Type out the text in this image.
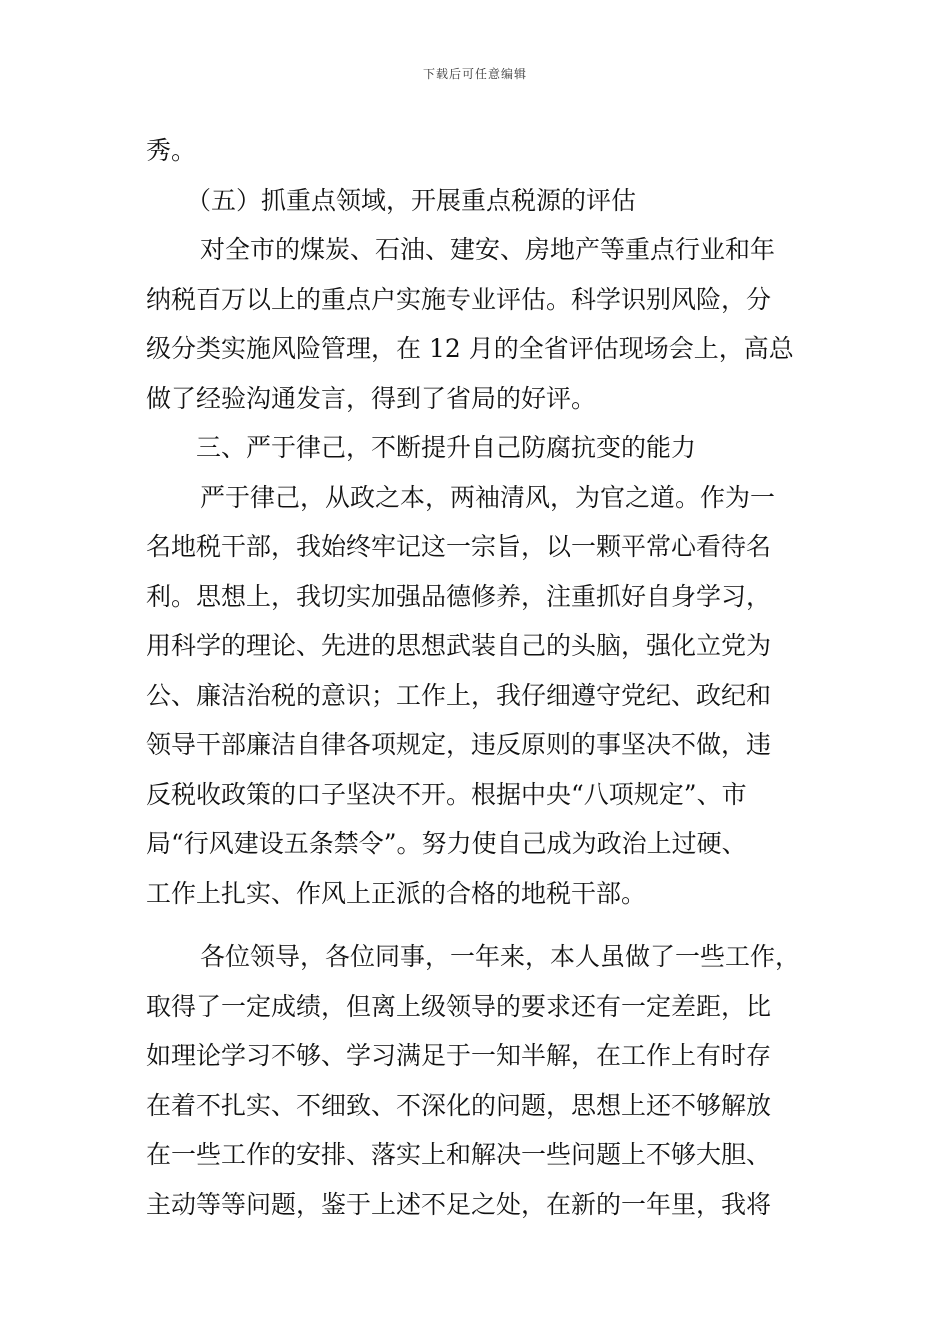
下载后可任意编辑
秀。
（五）抓重点领域，开展重点税源的评估
对全市的煤炭、石油、建安、房地产等重点行业和年
纳税百万以上的重点户实施专业评估。科学识别风险，分
级分类实施风险管理，在 12 月的全省评估现场会上，高总
做了经验沟通发言，得到了省局的好评。
三、严于律己，不断提升自己防腐抗变的能力
严于律己，从政之本，两袖清风，为官之道。作为一
名地税干部，我始终牢记这一宗旨，以一颗平常心看待名
利。思想上，我切实加强品德修养，注重抓好自身学习，
用科学的理论、先进的思想武装自己的头脑，强化立党为
公、廉洁治税的意识；工作上，我仔细遵守党纪、政纪和
领导干部廉洁自律各项规定，违反原则的事坚决不做，违
反税收政策的口子坚决不开。根据中央“八项规定”、市
局“行风建设五条禁令”。努力使自己成为政治上过硬、
工作上扎实、作风上正派的合格的地税干部。
各位领导，各位同事，一年来，本人虽做了一些工作，
取得了一定成绩，但离上级领导的要求还有一定差距，比
如理论学习不够、学习满足于一知半解，在工作上有时存
在着不扎实、不细致、不深化的问题，思想上还不够解放
在一些工作的安排、落实上和解决一些问题上不够大胆、
主动等等问题，鉴于上述不足之处，在新的一年里，我将
